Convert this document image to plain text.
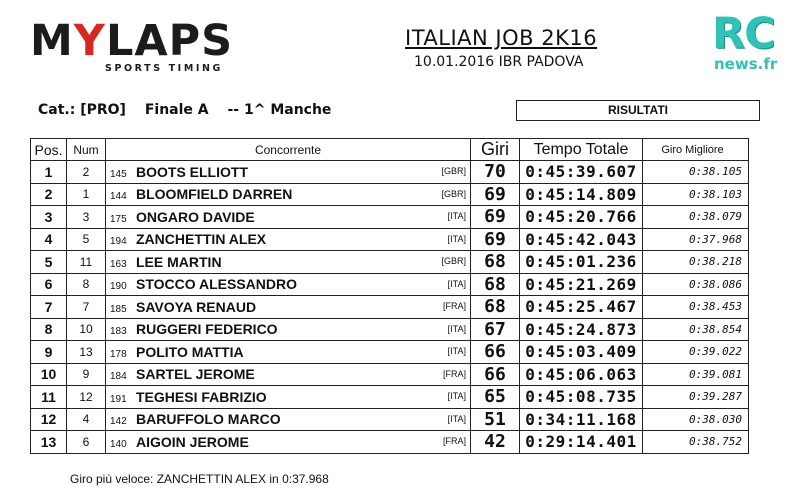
MYLAPS
SPORTS TIMING
ITALIAN JOB 2K16
10.01.2016 IBR PADOVA
RC
news.fr
Cat.: [PRO] Finale A -- 1^ Manche	RISULTATI
Pos.	Num	Concorrente	Giri	Tempo Totale	Giro Migliore
1	2	145 BOOTS ELLIOTT [GBR]	70	0:45:39.607	0:38.105
2	1	144 BLOOMFIELD DARREN [GBR]	69	0:45:14.809	0:38.103
3	3	175 ONGARO DAVIDE [ITA]	69	0:45:20.766	0:38.079
4	5	194 ZANCHETTIN ALEX [ITA]	69	0:45:42.043	0:37.968
5	11	163 LEE MARTIN [GBR]	68	0:45:01.236	0:38.218
6	8	190 STOCCO ALESSANDRO [ITA]	68	0:45:21.269	0:38.086
7	7	185 SAVOYA RENAUD [FRA]	68	0:45:25.467	0:38.453
8	10	183 RUGGERI FEDERICO [ITA]	67	0:45:24.873	0:38.854
9	13	178 POLITO MATTIA [ITA]	66	0:45:03.409	0:39.022
10	9	184 SARTEL JEROME [FRA]	66	0:45:06.063	0:39.081
11	12	191 TEGHESI FABRIZIO [ITA]	65	0:45:08.735	0:39.287
12	4	142 BARUFFOLO MARCO [ITA]	51	0:34:11.168	0:38.030
13	6	140 AIGOIN JEROME [FRA]	42	0:29:14.401	0:38.752
Giro più veloce: ZANCHETTIN ALEX in 0:37.968
